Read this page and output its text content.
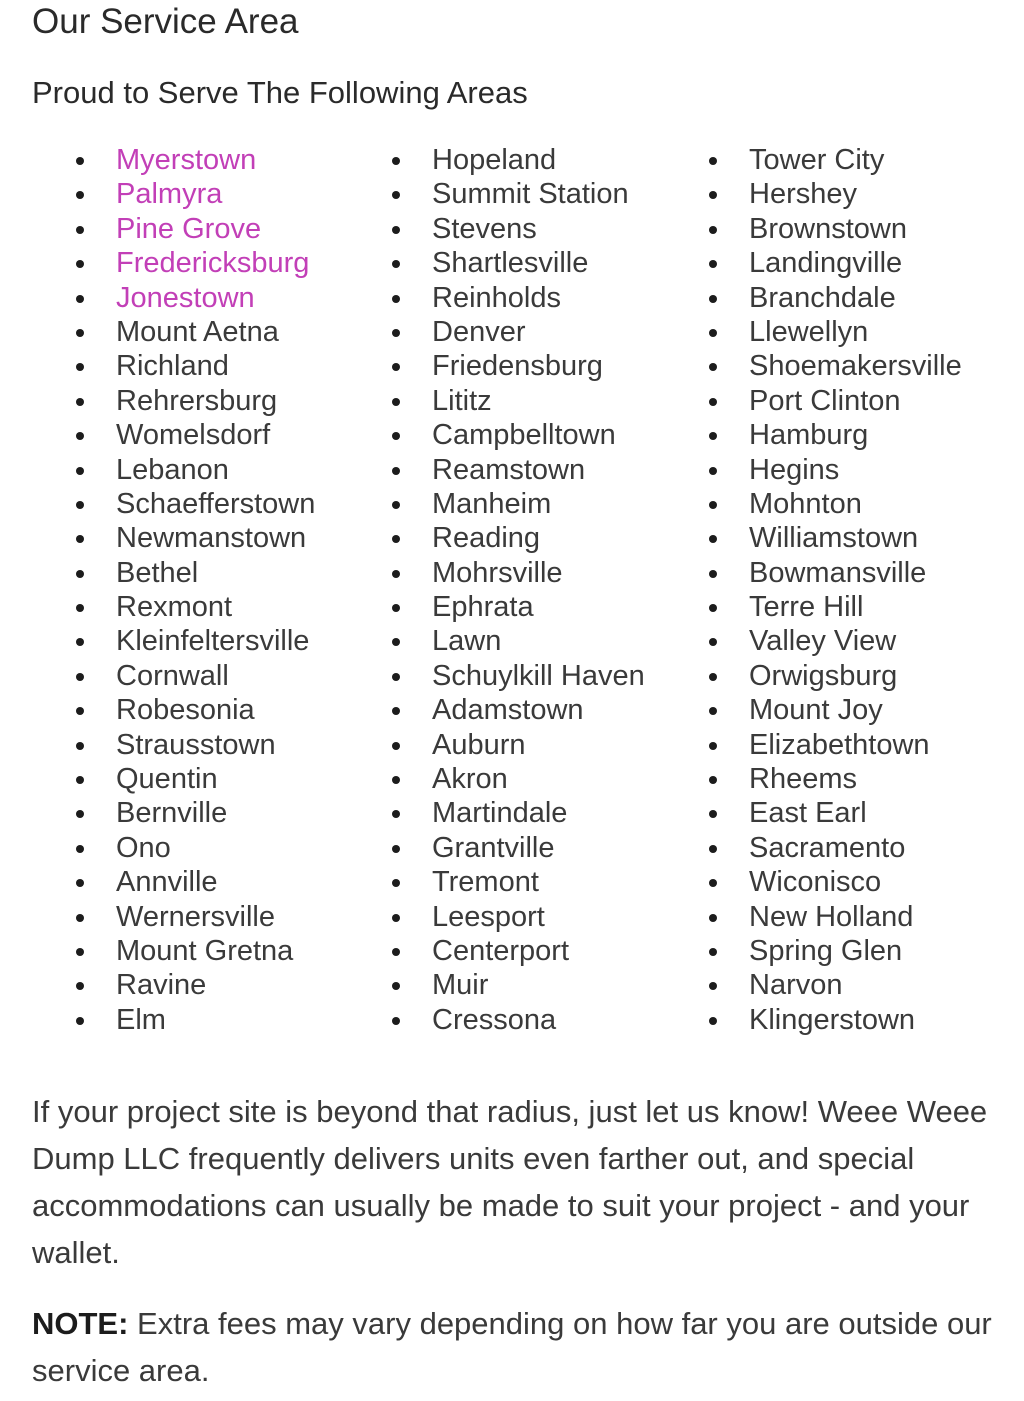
Our Service Area
Proud to Serve The Following Areas
Myerstown
Palmyra
Pine Grove
Fredericksburg
Jonestown
Mount Aetna
Richland
Rehrersburg
Womelsdorf
Lebanon
Schaefferstown
Newmanstown
Bethel
Rexmont
Kleinfeltersville
Cornwall
Robesonia
Strausstown
Quentin
Bernville
Ono
Annville
Wernersville
Mount Gretna
Ravine
Elm
Hopeland
Summit Station
Stevens
Shartlesville
Reinholds
Denver
Friedensburg
Lititz
Campbelltown
Reamstown
Manheim
Reading
Mohrsville
Ephrata
Lawn
Schuylkill Haven
Adamstown
Auburn
Akron
Martindale
Grantville
Tremont
Leesport
Centerport
Muir
Cressona
Tower City
Hershey
Brownstown
Landingville
Branchdale
Llewellyn
Shoemakersville
Port Clinton
Hamburg
Hegins
Mohnton
Williamstown
Bowmansville
Terre Hill
Valley View
Orwigsburg
Mount Joy
Elizabethtown
Rheems
East Earl
Sacramento
Wiconisco
New Holland
Spring Glen
Narvon
Klingerstown

If your project site is beyond that radius, just let us know! Weee Weee Dump LLC frequently delivers units even farther out, and special accommodations can usually be made to suit your project - and your wallet.

NOTE: Extra fees may vary depending on how far you are outside our service area.
